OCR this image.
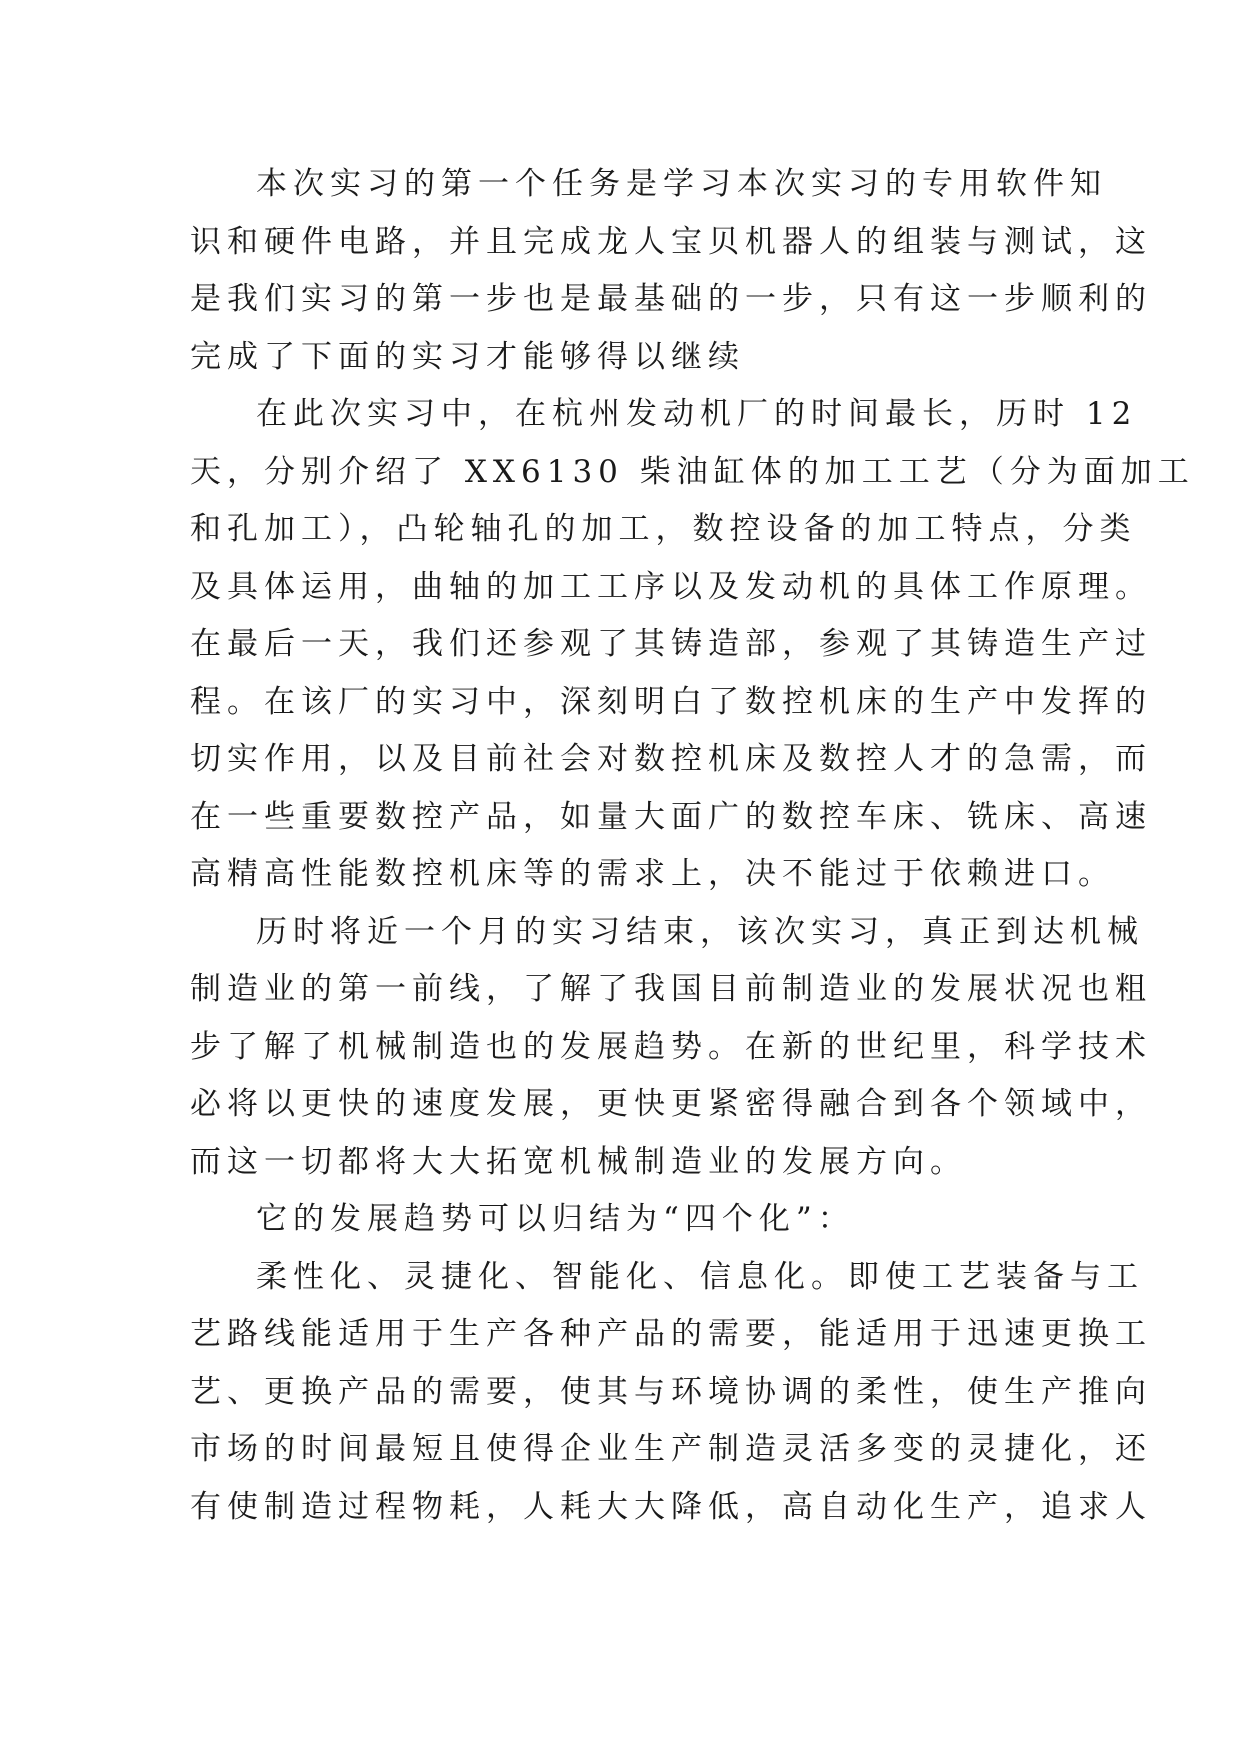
本次实习的第一个任务是学习本次实习的专用软件知
识和硬件电路，并且完成龙人宝贝机器人的组装与测试，这
是我们实习的第一步也是最基础的一步，只有这一步顺利的
完成了下面的实习才能够得以继续
在此次实习中，在杭州发动机厂的时间最长，历时 12
天，分别介绍了 XX6130 柴油缸体的加工工艺（分为面加工
和孔加工），凸轮轴孔的加工，数控设备的加工特点，分类
及具体运用，曲轴的加工工序以及发动机的具体工作原理。
在最后一天，我们还参观了其铸造部，参观了其铸造生产过
程。在该厂的实习中，深刻明白了数控机床的生产中发挥的
切实作用，以及目前社会对数控机床及数控人才的急需，而
在一些重要数控产品，如量大面广的数控车床、铣床、高速
高精高性能数控机床等的需求上，决不能过于依赖进口。
历时将近一个月的实习结束，该次实习，真正到达机械
制造业的第一前线，了解了我国目前制造业的发展状况也粗
步了解了机械制造也的发展趋势。在新的世纪里，科学技术
必将以更快的速度发展，更快更紧密得融合到各个领域中，
而这一切都将大大拓宽机械制造业的发展方向。
它的发展趋势可以归结为“四个化”：
柔性化、灵捷化、智能化、信息化。即使工艺装备与工
艺路线能适用于生产各种产品的需要，能适用于迅速更换工
艺、更换产品的需要，使其与环境协调的柔性，使生产推向
市场的时间最短且使得企业生产制造灵活多变的灵捷化，还
有使制造过程物耗，人耗大大降低，高自动化生产，追求人
